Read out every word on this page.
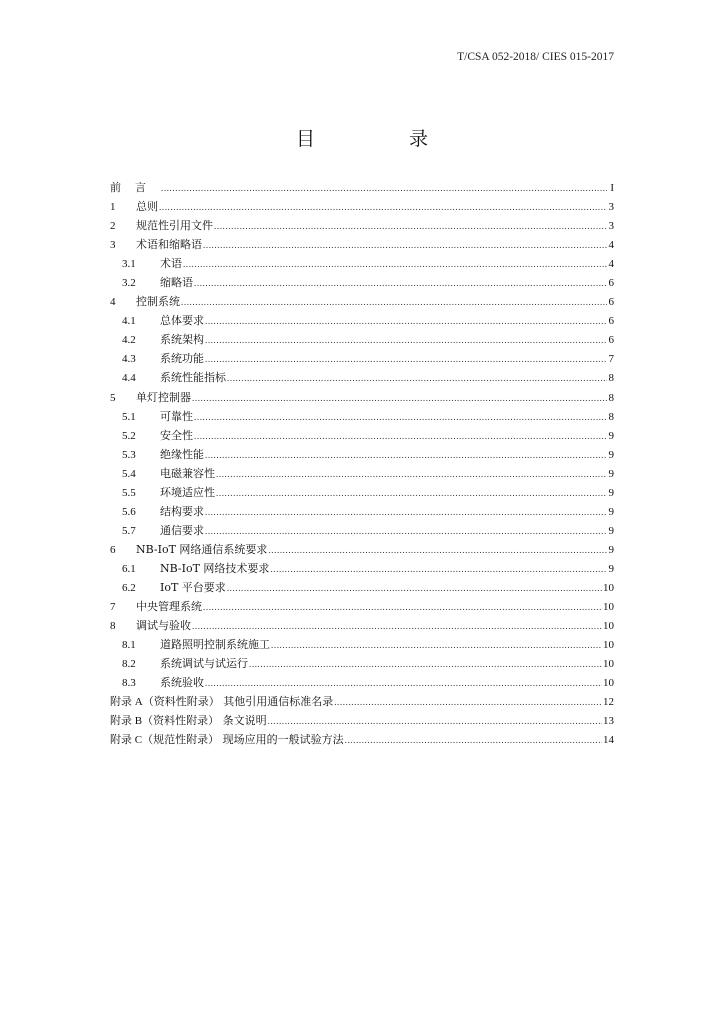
T/CSA 052-2018/ CIES 015-2017
目 录
前言 .....	I
1	总则 .....	3
2	规范性引用文件 .....	3
3	术语和缩略语 .....	4
3.1	术语 .....	4
3.2	缩略语 .....	6
4	控制系统 .....	6
4.1	总体要求 .....	6
4.2	系统架构 .....	6
4.3	系统功能 .....	7
4.4	系统性能指标 .....	8
5	单灯控制器 .....	8
5.1	可靠性 .....	8
5.2	安全性 .....	9
5.3	绝缘性能 .....	9
5.4	电磁兼容性 .....	9
5.5	环境适应性 .....	9
5.6	结构要求 .....	9
5.7	通信要求 .....	9
6	NB-IoT 网络通信系统要求 .....	9
6.1	NB-IoT 网络技术要求 .....	9
6.2	IoT 平台要求 .....	10
7	中央管理系统 .....	10
8	调试与验收 .....	10
8.1	道路照明控制系统施工 .....	10
8.2	系统调试与试运行 .....	10
8.3	系统验收 .....	10
附录 A （资料性附录） 其他引用通信标准名录 .....	12
附录 B （资料性附录） 条文说明 .....	13
附录 C （规范性附录） 现场应用的一般试验方法 .....	14
